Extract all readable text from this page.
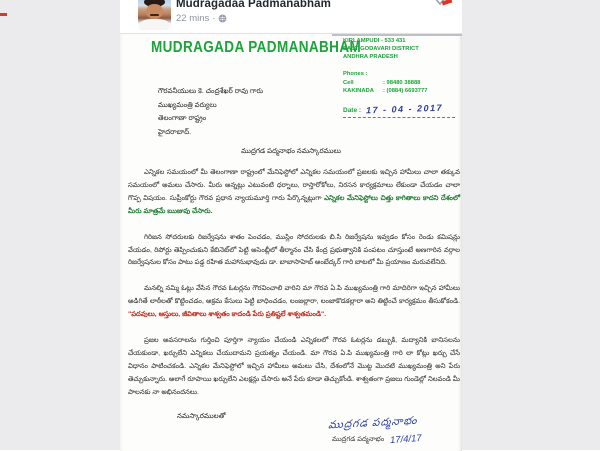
Mudragadaa Padmanabham
22 mins ·
MUDRAGADA PADMANABHAM
KIRLAMPUDI - 533 431
EAST GODAVARI DISTRICT
ANDHRA PRADESH
Phones :
Cell	: 98480 38888
KAKINADA	: (0884) 6693777
Date : 17 - 04 - 2017
గౌరవనీయులు కె. చంద్రశేఖర్ రావు గారు
ముఖ్యమంత్రి వర్యులు
తెలంగాణా రాష్ట్రం
హైదరాబాద్.
ముద్రగడ పద్మనాభం నమస్కారములు

ఎన్నికల సమయంలో మీ తెలంగాణా రాష్ట్రంలో మేనిఫెస్టోలో ఎన్నికల సమయంలో ప్రజలకు ఇచ్చిన హామీలు చాలా తక్కువ సమయంలో అమలు చేసారు. మీరు అన్నట్లు ఎటువంటి ధర్నాలు, రాస్తారోకోలు, నిరసన కార్యక్రమాలు లేకుండా చేయడం చాలా గొప్ప విషయం. సుప్రీంకోర్టు గౌరవ ప్రధాన న్యాయమూర్తి గారు పేర్కొన్నట్లుగా ఎన్నికల మేనిఫెస్టోలు చిత్తు కాగితాలు కాదని దేశంలో మీరు మాత్రమే ఋజువు చేసారు.

గిరిజన సోదరులకు రిజర్వేషను శాతం పెంచడం, ముస్లిం సోదరులకు బి.సి రిజర్వేషను ఇవ్వడం కోసం రెండు కమిషన్లు వేయడం, రిపోర్టు తెప్పించుకుని కేబినెట్‌లో పెట్టి అసెంబ్లీలో తీర్మానం చేసి కేంద్ర ప్రభుత్వానికి పంపటం చూస్తుంటే అణగారిన వర్గాల రిజర్వేషనుల కోసం పాటు పడ్డ రహిత మహానుభావుడు డా. బాబాసాహెబ్ అంబేద్కర్ గారి బాటలో మీ ప్రయాణం మరువలేనిది.

మనల్ని నమ్మి ఓట్లు వేసిన గౌరవ ఓటర్లను గౌరవించాలి వారిని మా గౌరవ ఏ.పి ముఖ్యమంత్రి గారి మాదిరిగా ఇచ్చిన హామీలు అడిగితే లాఠీలతో కొట్టించడం, అక్రమ కేసులు పెట్టి బాధించడం, లంజల్లారా, లంజాకొడకల్లారా అని తిట్టించే కార్యక్రమం తీసుకోకండి. "పదవులు, ఆస్తులు, జీవితాలు శాశ్వతం కాదండి పేరు ప్రతిష్టలే శాశ్వతమండి".

ప్రజల అవసరాలను గుర్తించి పూర్తిగా న్యాయం చేయండి ఎన్నికలలో గౌరవ ఓటర్లను డబ్బుకి, మద్యానికి బానిసలను చేయకుండా, ఖర్చులేని ఎన్నికలు చేయుదామని ప్రయత్నం చేయండి. మా గౌరవ ఏ.పి ముఖ్యమంత్రి గారి లా కోట్లు ఖర్చు చేసే విధానం పాటించకండి. ఎన్నికల మేనిఫెస్టోలో ఇచ్చిన హామీలు అమలు చేసి, దేశంలోనే మొట్ట మొదటి ముఖ్యమంత్రి అని పేరు తెచ్చుకున్నారు. అలాగే రూపాయి ఖర్చులేని ఎలక్షన్లు చేసారు అనే పేరు కూడా తెచ్చుకోండి. శాశ్వతంగా ప్రజలు గుండెల్లో నిలవండి మీ పాలనకు నా అభినందనలు.

నమస్కారములతో	ముద్రగడ పద్మనాభం
ముద్రగడ పద్మనాభం 17/4/17
